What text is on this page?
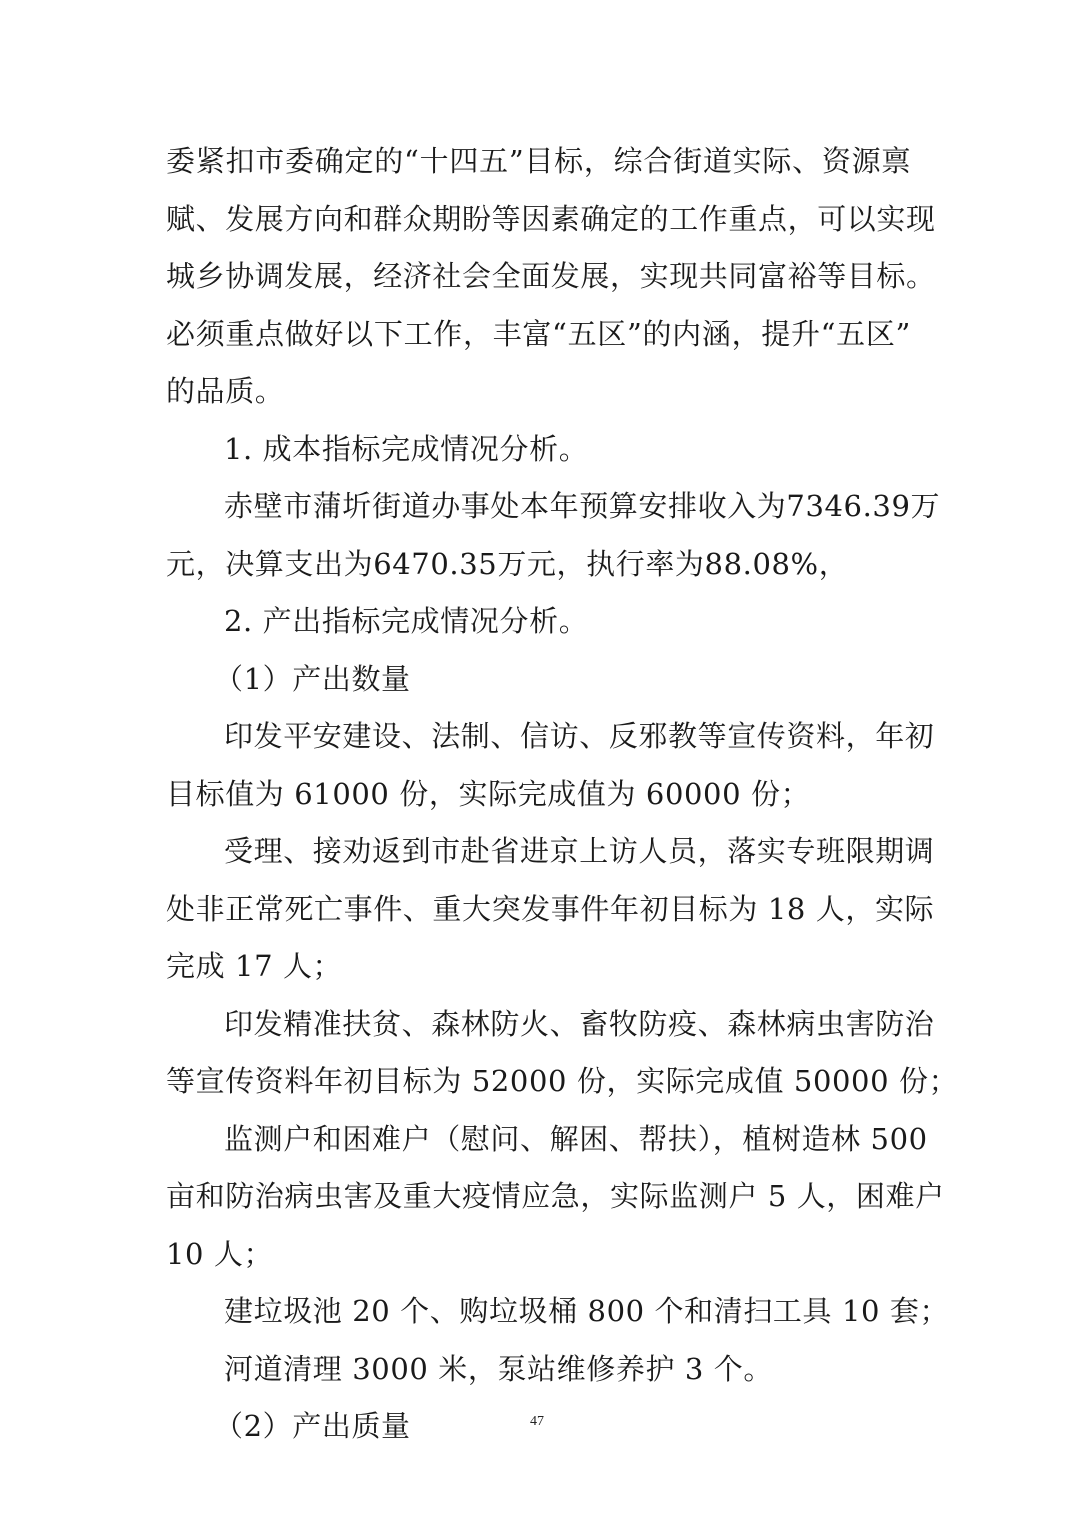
委紧扣市委确定的“十四五”目标，综合街道实际、资源禀
赋、发展方向和群众期盼等因素确定的工作重点，可以实现
城乡协调发展，经济社会全面发展，实现共同富裕等目标。
必须重点做好以下工作，丰富“五区”的内涵，提升“五区”
的品质。
1. 成本指标完成情况分析。
赤壁市蒲圻街道办事处本年预算安排收入为7346.39万
元，决算支出为6470.35万元，执行率为88.08%，
2. 产出指标完成情况分析。
（1）产出数量
印发平安建设、法制、信访、反邪教等宣传资料，年初
目标值为 61000 份，实际完成值为 60000 份；
受理、接劝返到市赴省进京上访人员，落实专班限期调
处非正常死亡事件、重大突发事件年初目标为 18 人，实际
完成 17 人；
印发精准扶贫、森林防火、畜牧防疫、森林病虫害防治
等宣传资料年初目标为 52000 份，实际完成值 50000 份；
监测户和困难户（慰问、解困、帮扶），植树造林 500
亩和防治病虫害及重大疫情应急，实际监测户 5 人，困难户
10 人；
建垃圾池 20 个、购垃圾桶 800 个和清扫工具 10 套；
河道清理 3000 米，泵站维修养护 3 个。
（2）产出质量	47
